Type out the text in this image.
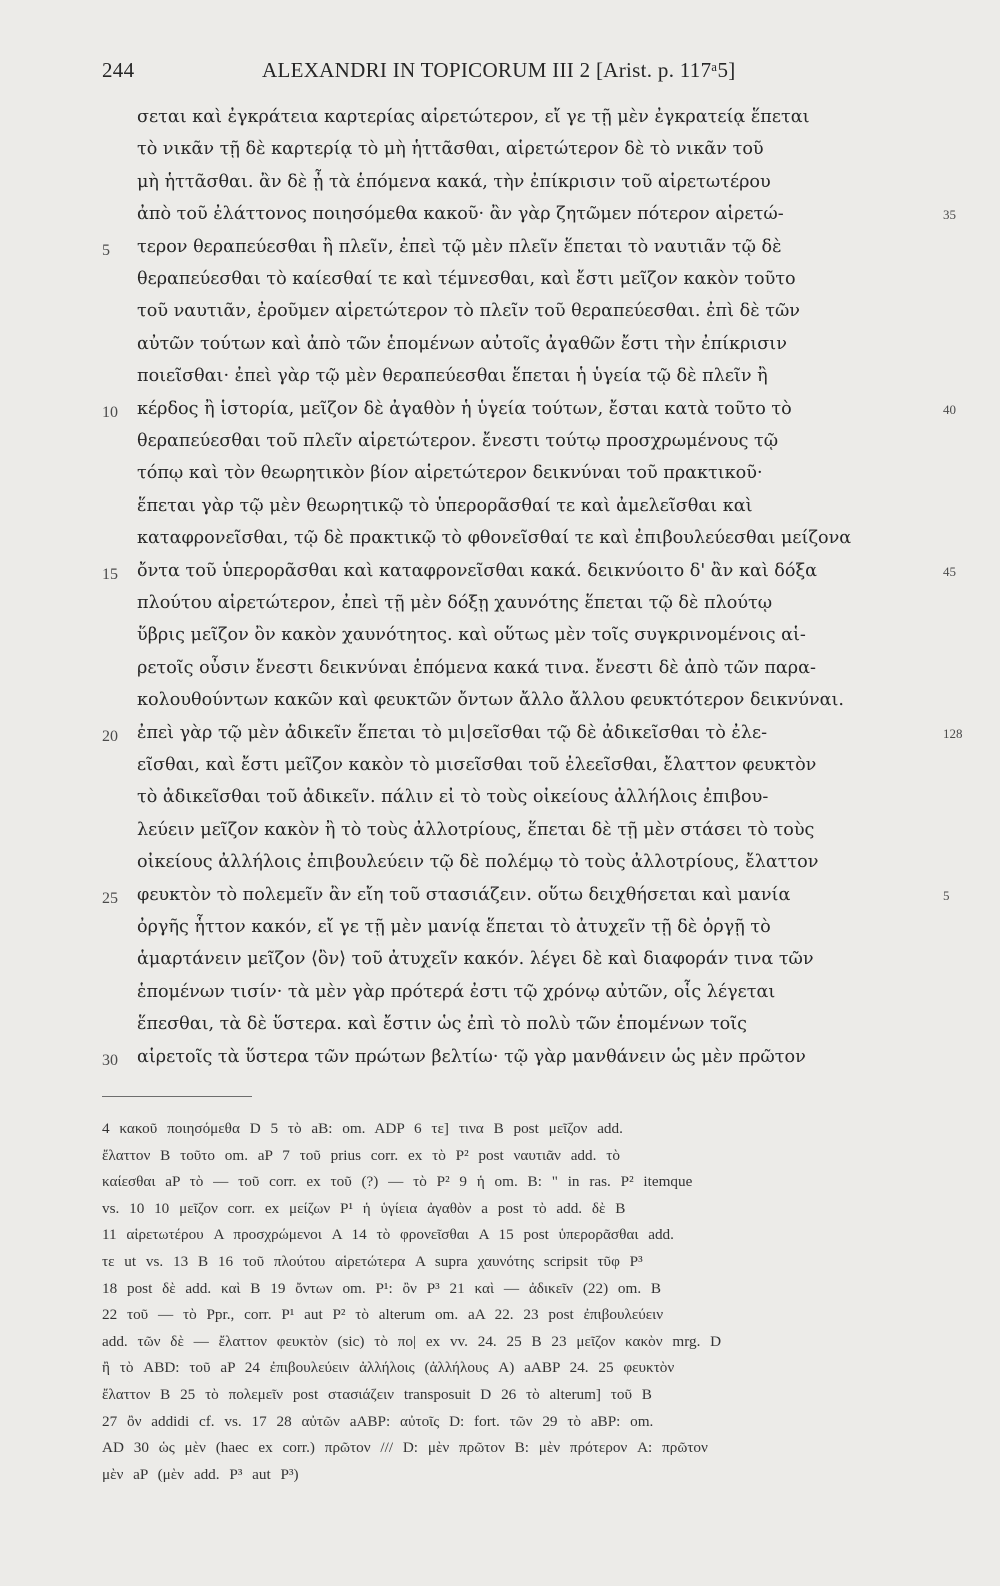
244	ALEXANDRI IN TOPICORUM III 2 [Arist. p. 117ᵃ5]
σεται καὶ ἐγκράτεια καρτερίας αἱρετώτερον, εἴ γε τῇ μὲν ἐγκρατείᾳ ἕπεται
τὸ νικᾶν τῇ δὲ καρτερίᾳ τὸ μὴ ἡττᾶσθαι, αἱρετώτερον δὲ τὸ νικᾶν τοῦ
μὴ ἡττᾶσθαι. ἂν δὲ ᾖ τὰ ἑπόμενα κακά, τὴν ἐπίκρισιν τοῦ αἱρετωτέρου
ἀπὸ τοῦ ἐλάττονος ποιησόμεθα κακοῦ· ἂν γὰρ ζητῶμεν πότερον αἱρετώ-	35
5	τερον θεραπεύεσθαι ἢ πλεῖν, ἐπεὶ τῷ μὲν πλεῖν ἕπεται τὸ ναυτιᾶν τῷ δὲ
θεραπεύεσθαι τὸ καίεσθαί τε καὶ τέμνεσθαι, καὶ ἔστι μεῖζον κακὸν τοῦτο
τοῦ ναυτιᾶν, ἐροῦμεν αἱρετώτερον τὸ πλεῖν τοῦ θεραπεύεσθαι. ἐπὶ δὲ τῶν
αὐτῶν τούτων καὶ ἀπὸ τῶν ἑπομένων αὐτοῖς ἀγαθῶν ἔστι τὴν ἐπίκρισιν
ποιεῖσθαι· ἐπεὶ γὰρ τῷ μὲν θεραπεύεσθαι ἕπεται ἡ ὑγεία τῷ δὲ πλεῖν ἢ
10	κέρδος ἢ ἱστορία, μεῖζον δὲ ἀγαθὸν ἡ ὑγεία τούτων, ἔσται κατὰ τοῦτο τὸ	40
θεραπεύεσθαι τοῦ πλεῖν αἱρετώτερον. ἔνεστι τούτῳ προσχρωμένους τῷ
τόπῳ καὶ τὸν θεωρητικὸν βίον αἱρετώτερον δεικνύναι τοῦ πρακτικοῦ·
ἕπεται γὰρ τῷ μὲν θεωρητικῷ τὸ ὑπερορᾶσθαί τε καὶ ἀμελεῖσθαι καὶ
καταφρονεῖσθαι, τῷ δὲ πρακτικῷ τὸ φθονεῖσθαί τε καὶ ἐπιβουλεύεσθαι μείζονα
15	ὄντα τοῦ ὑπερορᾶσθαι καὶ καταφρονεῖσθαι κακά. δεικνύοιτο δ' ἂν καὶ δόξα	45
πλούτου αἱρετώτερον, ἐπεὶ τῇ μὲν δόξῃ χαυνότης ἕπεται τῷ δὲ πλούτῳ
ὕβρις μεῖζον ὂν κακὸν χαυνότητος. καὶ οὕτως μὲν τοῖς συγκρινομένοις αἱ-
ρετοῖς οὖσιν ἔνεστι δεικνύναι ἑπόμενα κακά τινα. ἔνεστι δὲ ἀπὸ τῶν παρα-
κολουθούντων κακῶν καὶ φευκτῶν ὄντων ἄλλο ἄλλου φευκτότερον δεικνύναι.
20	ἐπεὶ γὰρ τῷ μὲν ἀδικεῖν ἕπεται τὸ μι|σεῖσθαι τῷ δὲ ἀδικεῖσθαι τὸ ἐλε-	128
εῖσθαι, καὶ ἔστι μεῖζον κακὸν τὸ μισεῖσθαι τοῦ ἐλεεῖσθαι, ἔλαττον φευκτὸν
τὸ ἀδικεῖσθαι τοῦ ἀδικεῖν. πάλιν εἰ τὸ τοὺς οἰκείους ἀλλήλοις ἐπιβου-
λεύειν μεῖζον κακὸν ἢ τὸ τοὺς ἀλλοτρίους, ἕπεται δὲ τῇ μὲν στάσει τὸ τοὺς
οἰκείους ἀλλήλοις ἐπιβουλεύειν τῷ δὲ πολέμῳ τὸ τοὺς ἀλλοτρίους, ἔλαττον
25	φευκτὸν τὸ πολεμεῖν ἂν εἴη τοῦ στασιάζειν. οὕτω δειχθήσεται καὶ μανία	5
ὀργῆς ἧττον κακόν, εἴ γε τῇ μὲν μανίᾳ ἕπεται τὸ ἀτυχεῖν τῇ δὲ ὀργῇ τὸ
ἁμαρτάνειν μεῖζον ⟨ὂν⟩ τοῦ ἀτυχεῖν κακόν. λέγει δὲ καὶ διαφοράν τινα τῶν
ἑπομένων τισίν· τὰ μὲν γὰρ πρότερά ἐστι τῷ χρόνῳ αὐτῶν, οἷς λέγεται
ἕπεσθαι, τὰ δὲ ὕστερα. καὶ ἔστιν ὡς ἐπὶ τὸ πολὺ τῶν ἑπομένων τοῖς
30	αἱρετοῖς τὰ ὕστερα τῶν πρώτων βελτίω· τῷ γὰρ μανθάνειν ὡς μὲν πρῶτον
4 κακοῦ ποιησόμεθα D 5 τὸ aB: om. ADP 6 τε] τινα B post μεῖζον add.
ἔλαττον B τοῦτο om. aP 7 τοῦ prius corr. ex τὸ P² post ναυτιᾶν add. τὸ
καίεσθαι aP τὸ — τοῦ corr. ex τοῦ (?) — τὸ P² 9 ἡ om. B: " in ras. P² itemque
vs. 10 10 μεῖζον corr. ex μείζων P¹ ἡ ὑγίεια ἀγαθὸν a post τὸ add. δὲ B
11 αἱρετωτέρου A προσχρώμενοι A 14 τὸ φρονεῖσθαι A 15 post ὑπερορᾶσθαι add.
τε ut vs. 13 B 16 τοῦ πλούτου αἱρετώτερα A supra χαυνότης scripsit τῦφ P³
18 post δὲ add. καὶ B 19 ὄντων om. P¹: ὂν P³ 21 καὶ — ἀδικεῖν (22) om. B
22 τοῦ — τὸ Ppr., corr. P¹ aut P² τὸ alterum om. aA 22. 23 post ἐπιβουλεύειν
add. τῶν δὲ — ἔλαττον φευκτὸν (sic) τὸ πο| ex vv. 24. 25 B 23 μεῖζον κακὸν mrg. D
ἢ τὸ ABD: τοῦ aP 24 ἐπιβουλεύειν ἀλλήλοις (ἀλλήλους A) aABP 24. 25 φευκτὸν
ἔλαττον B 25 τὸ πολεμεῖν post στασιάζειν transposuit D 26 τὸ alterum] τοῦ B
27 ὂν addidi cf. vs. 17 28 αὐτῶν aABP: αὐτοῖς D: fort. τῶν 29 τὸ aBP: om.
AD 30 ὡς μὲν (haec ex corr.) πρῶτον /// D: μὲν πρῶτον B: μὲν πρότερον A: πρῶτον
μὲν aP (μὲν add. P³ aut P³)
